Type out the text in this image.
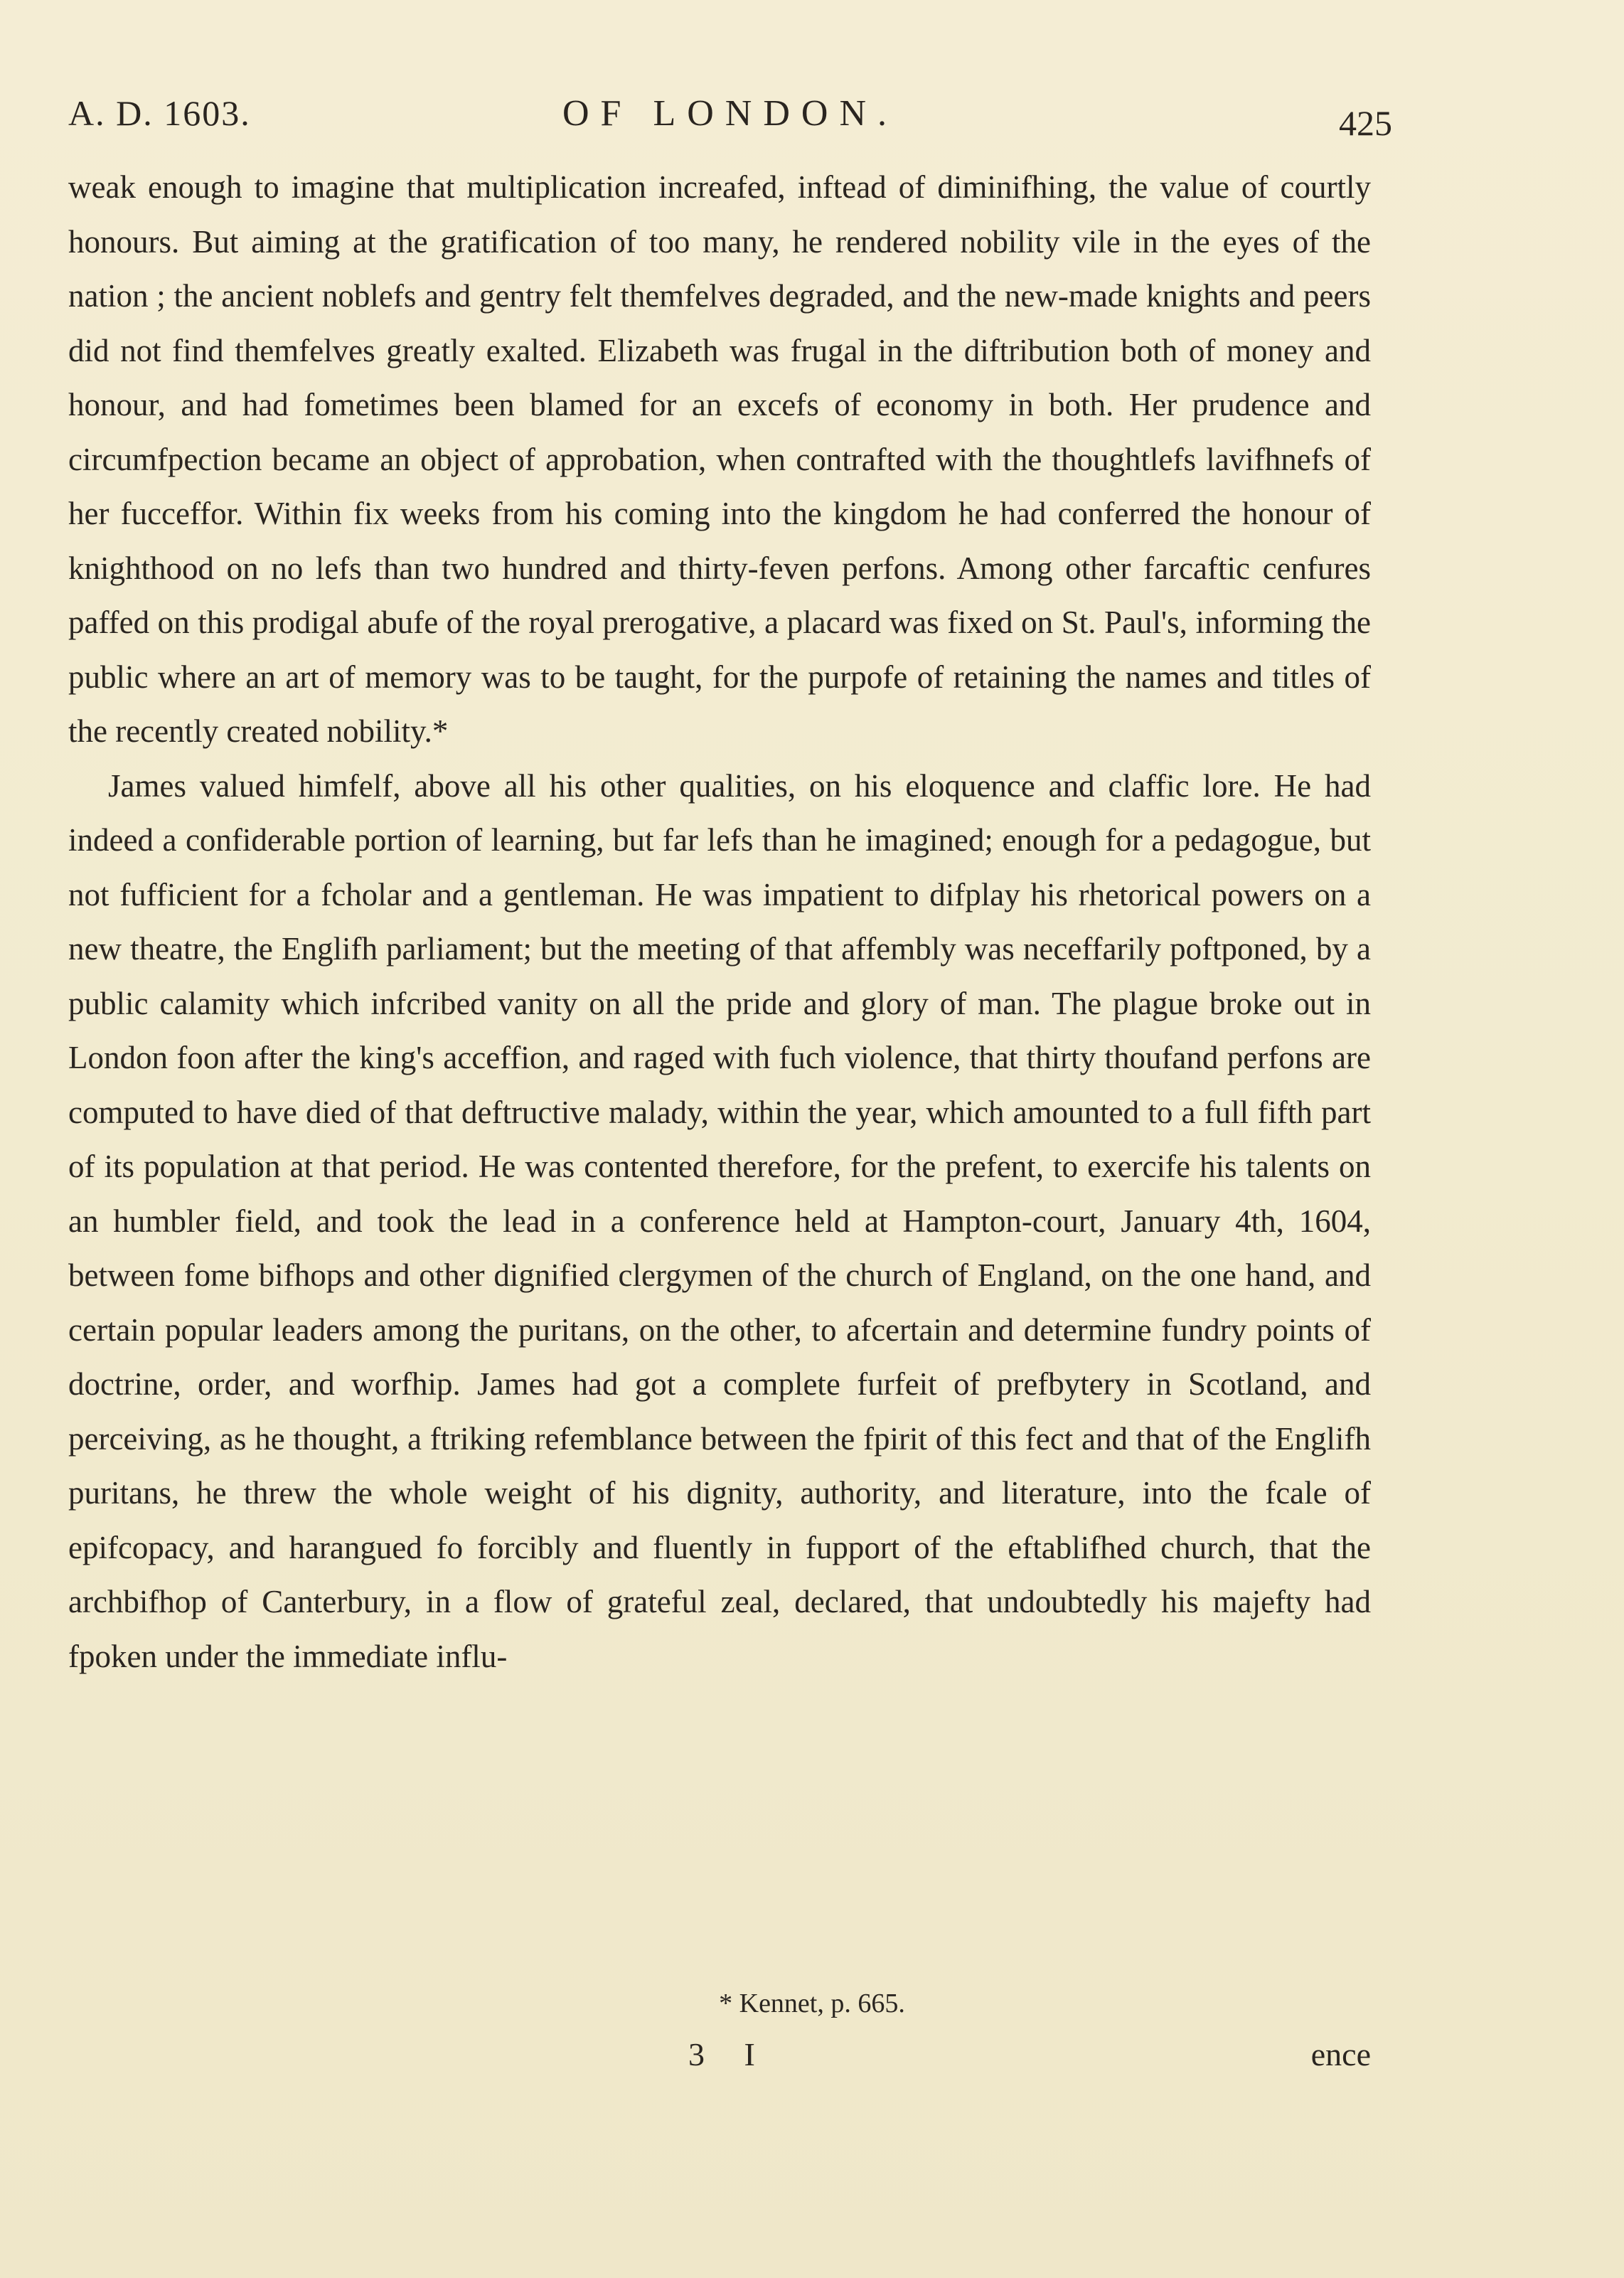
A. D. 1603.	OF LONDON.	425

weak enough to imagine that multiplication increafed, inftead of diminifhing, the value of courtly honours. But aiming at the gratification of too many, he rendered nobility vile in the eyes of the nation ; the ancient noblefs and gentry felt themfelves degraded, and the new-made knights and peers did not find themfelves greatly exalted. Elizabeth was frugal in the diftribution both of money and honour, and had fometimes been blamed for an excefs of economy in both. Her prudence and circumfpection became an object of approbation, when contrafted with the thoughtlefs lavifhnefs of her fucceffor. Within fix weeks from his coming into the kingdom he had conferred the honour of knighthood on no lefs than two hundred and thirty-feven perfons. Among other farcaftic cenfures paffed on this prodigal abufe of the royal prerogative, a placard was fixed on St. Paul's, informing the public where an art of memory was to be taught, for the purpofe of retaining the names and titles of the recently created nobility.*

James valued himfelf, above all his other qualities, on his eloquence and claffic lore. He had indeed a confiderable portion of learning, but far lefs than he imagined; enough for a pedagogue, but not fufficient for a fcholar and a gentleman. He was impatient to difplay his rhetorical powers on a new theatre, the Englifh parliament; but the meeting of that affembly was neceffarily poftponed, by a public calamity which infcribed vanity on all the pride and glory of man. The plague broke out in London foon after the king's acceffion, and raged with fuch violence, that thirty thoufand perfons are computed to have died of that deftructive malady, within the year, which amounted to a full fifth part of its population at that period. He was contented therefore, for the prefent, to exercife his talents on an humbler field, and took the lead in a conference held at Hampton-court, January 4th, 1604, between fome bifhops and other dignified clergymen of the church of England, on the one hand, and certain popular leaders among the puritans, on the other, to afcertain and determine fundry points of doctrine, order, and worfhip. James had got a complete furfeit of prefbytery in Scotland, and perceiving, as he thought, a ftriking refemblance between the fpirit of this fect and that of the Englifh puritans, he threw the whole weight of his dignity, authority, and literature, into the fcale of epifcopacy, and harangued fo forcibly and fluently in fupport of the eftablifhed church, that the archbifhop of Canterbury, in a flow of grateful zeal, declared, that undoubtedly his majefty had fpoken under the immediate influ-

* Kennet, p. 665.
3 I	ence
